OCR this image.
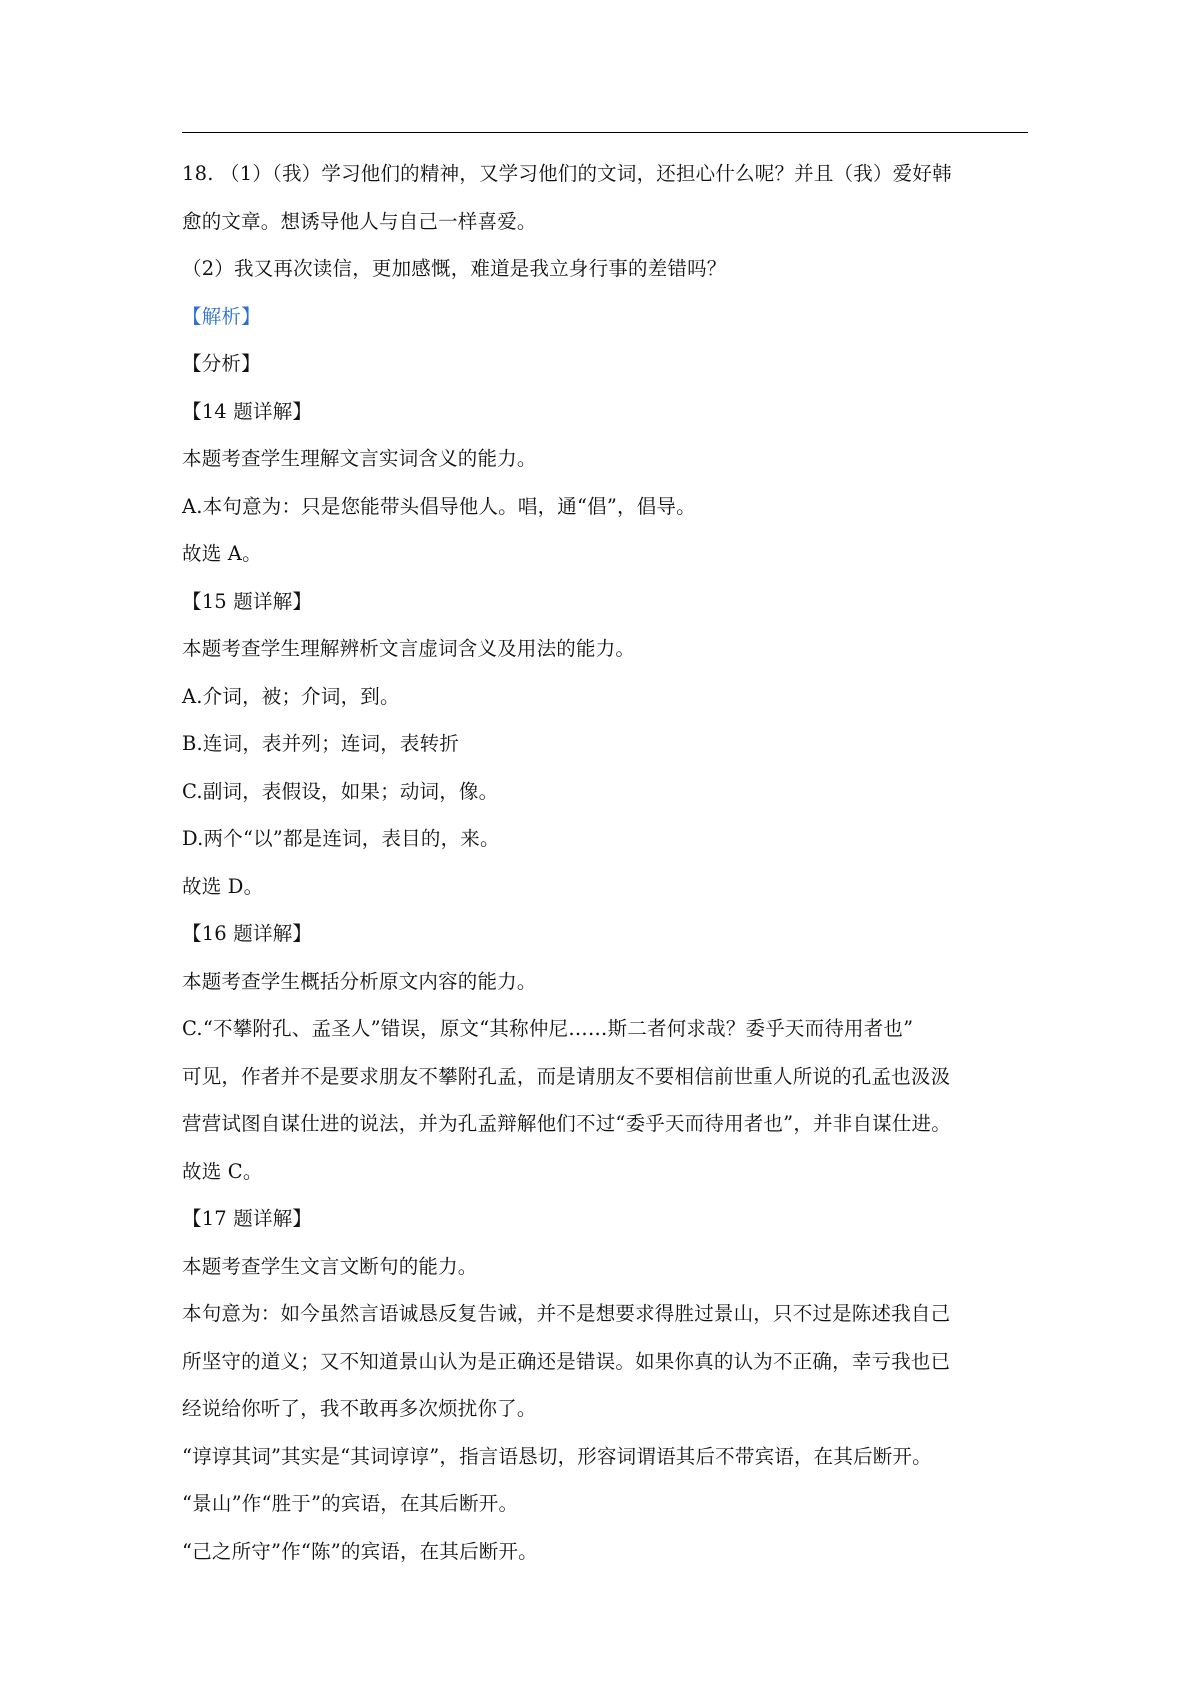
18. （1）（我）学习他们的精神，又学习他们的文词，还担心什么呢？并且（我）爱好韩
愈的文章。想诱导他人与自己一样喜爱。
（2）我又再次读信，更加感慨，难道是我立身行事的差错吗？
【解析】
【分析】
【14 题详解】
本题考查学生理解文言实词含义的能力。
A.本句意为：只是您能带头倡导他人。唱，通“倡”，倡导。
故选 A。
【15 题详解】
本题考查学生理解辨析文言虚词含义及用法的能力。
A.介词，被；介词，到。
B.连词，表并列；连词，表转折
C.副词，表假设，如果；动词，像。
D.两个“以”都是连词，表目的，来。
故选 D。
【16 题详解】
本题考查学生概括分析原文内容的能力。
C.“不攀附孔、孟圣人”错误，原文“其称仲尼……斯二者何求哉？委乎天而待用者也”
可见，作者并不是要求朋友不攀附孔孟，而是请朋友不要相信前世重人所说的孔孟也汲汲
营营试图自谋仕进的说法，并为孔孟辩解他们不过“委乎天而待用者也”，并非自谋仕进。
故选 C。
【17 题详解】
本题考查学生文言文断句的能力。
本句意为：如今虽然言语诚恳反复告诫，并不是想要求得胜过景山，只不过是陈述我自己
所坚守的道义；又不知道景山认为是正确还是错误。如果你真的认为不正确，幸亏我也已
经说给你听了，我不敢再多次烦扰你了。
“谆谆其词”其实是“其词谆谆”，指言语恳切，形容词谓语其后不带宾语，在其后断开。
“景山”作“胜于”的宾语，在其后断开。
“己之所守”作“陈”的宾语，在其后断开。
